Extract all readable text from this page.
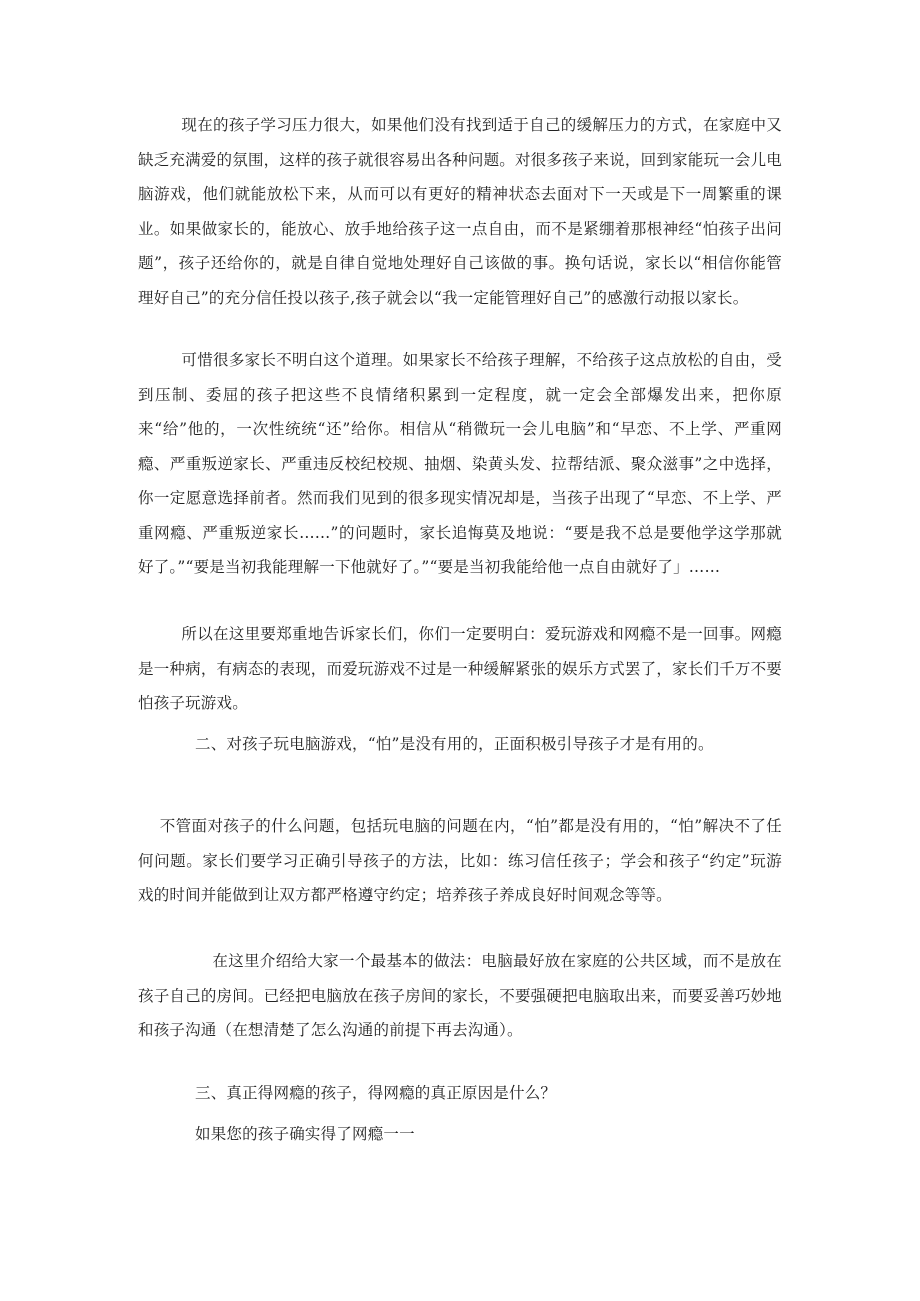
现在的孩子学习压力很大，如果他们没有找到适于自己的缓解压力的方式，在家庭中又缺乏充满爱的氛围，这样的孩子就很容易出各种问题。对很多孩子来说，回到家能玩一会儿电脑游戏，他们就能放松下来，从而可以有更好的精神状态去面对下一天或是下一周繁重的课业。如果做家长的，能放心、放手地给孩子这一点自由，而不是紧绷着那根神经“怕孩子出问题”，孩子还给你的，就是自律自觉地处理好自己该做的事。换句话说，家长以“相信你能管理好自己”的充分信任投以孩子,孩子就会以“我一定能管理好自己”的感激行动报以家长。

可惜很多家长不明白这个道理。如果家长不给孩子理解，不给孩子这点放松的自由，受到压制、委屈的孩子把这些不良情绪积累到一定程度，就一定会全部爆发出来，把你原来“给”他的，一次性统统“还”给你。相信从“稍微玩一会儿电脑”和“早恋、不上学、严重网瘾、严重叛逆家长、严重违反校纪校规、抽烟、染黄头发、拉帮结派、聚众滋事”之中选择，你一定愿意选择前者。然而我们见到的很多现实情况却是，当孩子出现了“早恋、不上学、严重网瘾、严重叛逆家长……”的问题时，家长追悔莫及地说：“要是我不总是要他学这学那就好了。”“要是当初我能理解一下他就好了。”“要是当初我能给他一点自由就好了」……

所以在这里要郑重地告诉家长们，你们一定要明白：爱玩游戏和网瘾不是一回事。网瘾是一种病，有病态的表现，而爱玩游戏不过是一种缓解紧张的娱乐方式罢了，家长们千万不要怕孩子玩游戏。

二、对孩子玩电脑游戏，“怕”是没有用的，正面积极引导孩子才是有用的。

不管面对孩子的什么问题，包括玩电脑的问题在内，“怕”都是没有用的，“怕”解决不了任何问题。家长们要学习正确引导孩子的方法，比如：练习信任孩子；学会和孩子“约定”玩游戏的时间并能做到让双方都严格遵守约定；培养孩子养成良好时间观念等等。

在这里介绍给大家一个最基本的做法：电脑最好放在家庭的公共区域，而不是放在孩子自己的房间。已经把电脑放在孩子房间的家长，不要强硬把电脑取出来，而要妥善巧妙地和孩子沟通（在想清楚了怎么沟通的前提下再去沟通）。

三、真正得网瘾的孩子，得网瘾的真正原因是什么？

如果您的孩子确实得了网瘾一一
